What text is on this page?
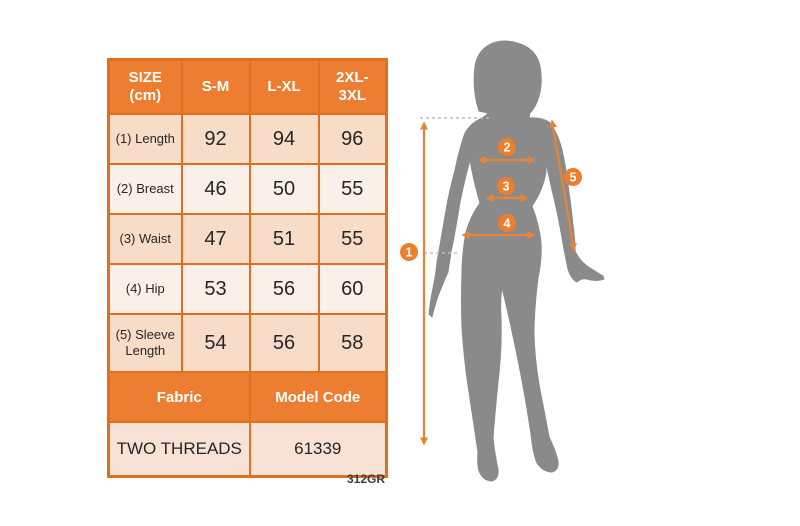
SIZE (cm)	S-M	L-XL	2XL-3XL
(1) Length	92	94	96
(2) Breast	46	50	55
(3) Waist	47	51	55
(4) Hip	53	56	60
(5) Sleeve Length	54	56	58
Fabric		Model Code	
TWO THREADS		61339	
312GR
1
2
3
4
5
